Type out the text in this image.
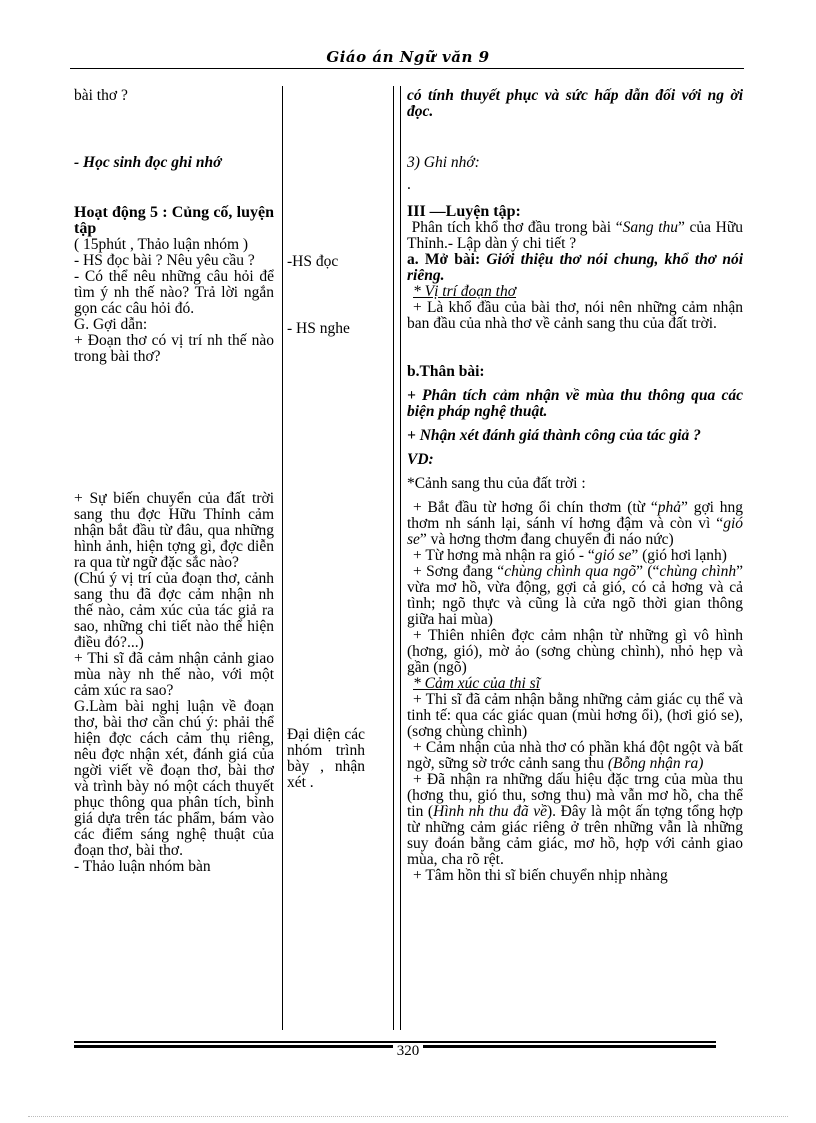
Giáo án Ngữ văn 9

bài thơ ?

- Học sinh đọc ghi nhớ

Hoạt động 5 : Củng cố, luyện tập

( 15phút , Thảo luận nhóm )

- HS đọc bài ? Nêu yêu cầu ?

- Có thể nêu những câu hỏi để tìm ý nh thế nào? Trả lời ngắn gọn các câu hỏi đó.

G. Gợi dẫn:

+ Đoạn thơ có vị trí nh thế nào trong bài thơ?

+ Sự biến chuyển của đất trời sang thu đợc Hữu Thỉnh cảm nhận bắt đầu từ đâu, qua những hình ảnh, hiện tợng gì, đợc diễn ra qua từ ngữ đặc sắc nào?

(Chú ý vị trí của đoạn thơ, cảnh sang thu đã đợc cảm nhận nh thế nào, cảm xúc của tác giả ra sao, những chi tiết nào thể hiện điều đó?...)

+ Thi sĩ đã cảm nhận cảnh giao mùa này nh thế nào, với một cảm xúc ra sao?

G.Làm bài nghị luận về đoạn thơ, bài thơ cần chú ý: phải thể hiện đợc cách cảm thụ riêng, nêu đợc nhận xét, đánh giá của ngời viết về đoạn thơ, bài thơ và trình bày nó một cách thuyết phục thông qua phân tích, bình giá dựa trên tác phẩm, bám vào các điểm sáng nghệ thuật của đoạn thơ, bài thơ.

- Thảo luận nhóm bàn

-HS đọc

- HS nghe

Đại diện các nhóm trình bày , nhận xét .

có tính thuyết phục và sức hấp dẫn đối với ng ời đọc.

3) Ghi nhớ:

.

III —Luyện tập:

Phân tích khổ thơ đầu trong bài “Sang thu” của Hữu Thỉnh.- Lập dàn ý chi tiết ?

a. Mở bài: Giới thiệu thơ nói chung, khổ thơ nói riêng.

* Vị trí đoạn thơ

+ Là khổ đầu của bài thơ, nói nên những cảm nhận ban đầu của nhà thơ về cảnh sang thu của đất trời.

b.Thân bài:

+ Phân tích cảm nhận về mùa thu thông qua các biện pháp nghệ thuật.

+ Nhận xét đánh giá thành công của tác giả ?

VD:

*Cảnh sang thu của đất trời :

+ Bắt đầu từ hơng ổi chín thơm (từ “phả” gợi hng thơm nh sánh lại, sánh ví hơng đậm và còn vì “gió se” và hơng thơm đang chuyển đi náo nức)

+ Từ hơng mà nhận ra gió - “gió se” (gió hơi lạnh)

+ Sơng đang “chùng chình qua ngõ” (“chùng chình” vừa mơ hồ, vừa động, gợi cả gió, có cả hơng và cả tình; ngõ thực và cũng là cửa ngõ thời gian thông giữa hai mùa)

+ Thiên nhiên đợc cảm nhận từ những gì vô hình (hơng, gió), mờ ảo (sơng chùng chình), nhỏ hẹp và gần (ngõ)

* Cảm xúc của thi sĩ

+ Thi sĩ đã cảm nhận bằng những cảm giác cụ thể và tinh tế: qua các giác quan (mùi hơng ổi), (hơi gió se), (sơng chùng chình)

+ Cảm nhận của nhà thơ có phần khá đột ngột và bất ngờ, sững sờ trớc cảnh sang thu (Bỗng nhận ra)

+ Đã nhận ra những dấu hiệu đặc trng của mùa thu (hơng thu, gió thu, sơng thu) mà vẫn mơ hồ, cha thể tin (Hình nh thu đã về). Đây là một ấn tợng tổng hợp từ những cảm giác riêng ở trên những vẫn là những suy đoán bằng cảm giác, mơ hồ, hợp với cảnh giao mùa, cha rõ rệt.

+ Tâm hồn thi sĩ biến chuyển nhịp nhàng

320
